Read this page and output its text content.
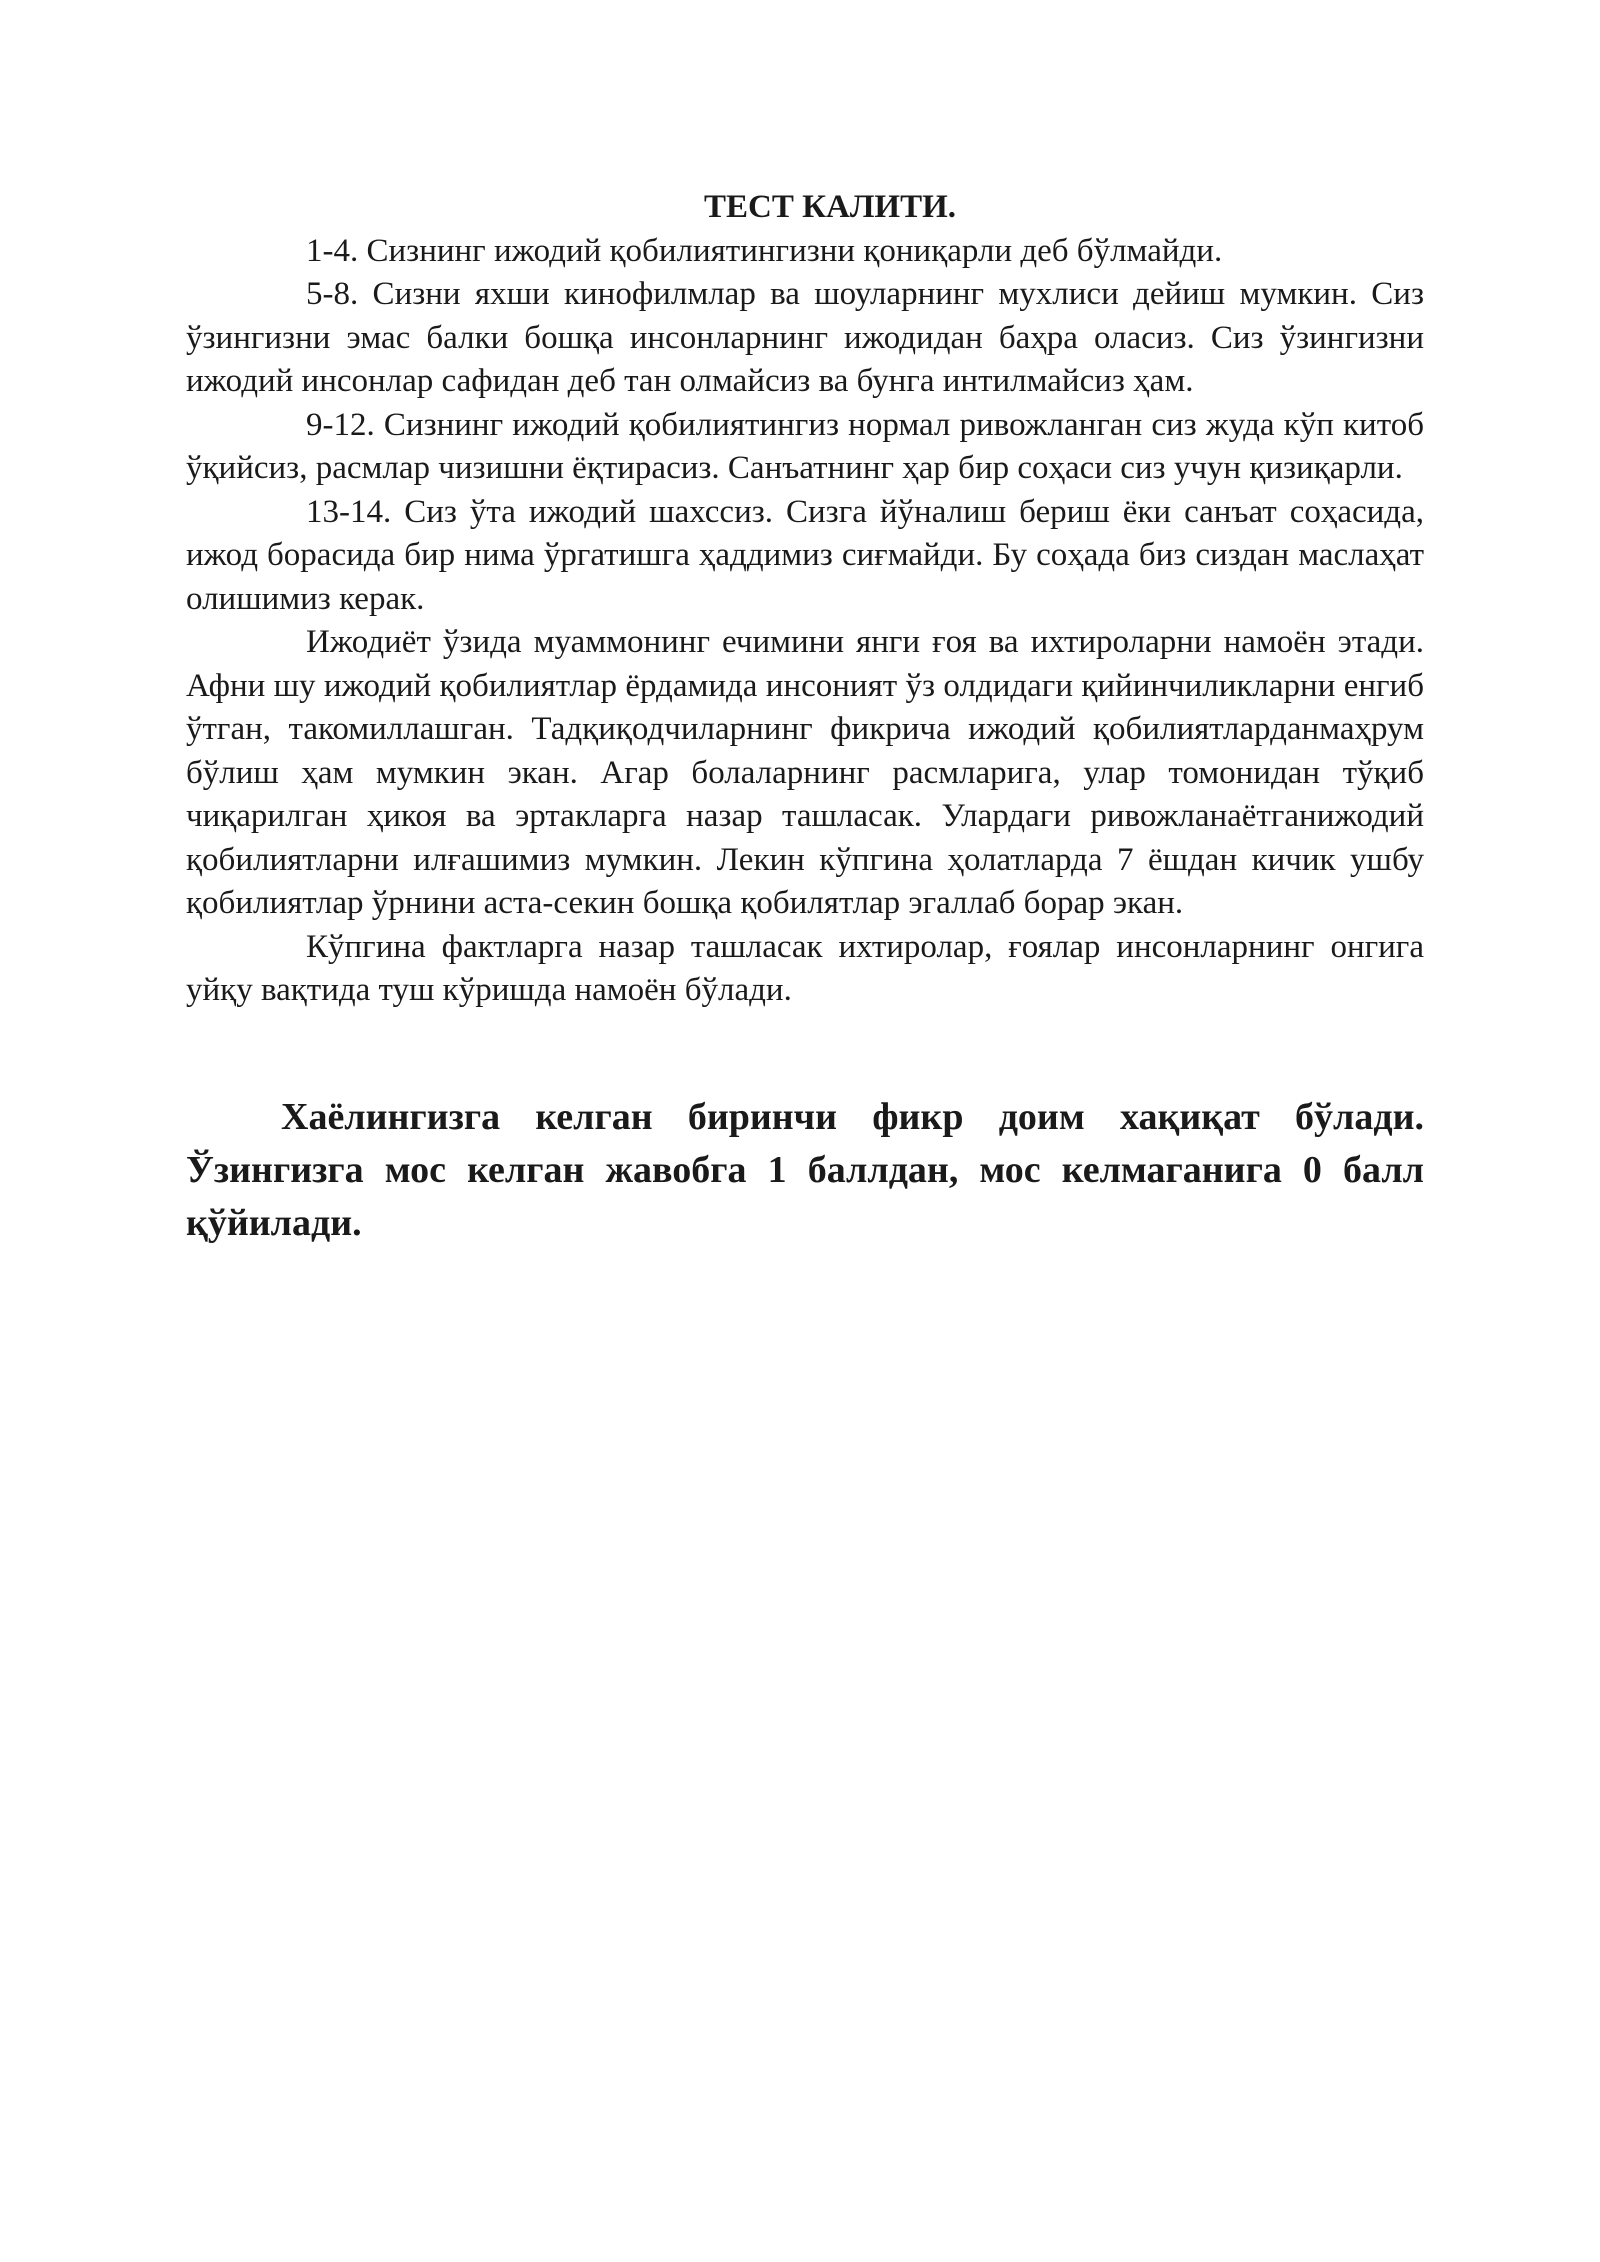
ТЕСТ КАЛИТИ.

1-4. Сизнинг ижодий қобилиятингизни қониқарли деб бўлмайди.

5-8. Сизни яхши кинофилмлар ва шоуларнинг мухлиси дейиш мумкин. Сиз ўзингизни эмас балки бошқа инсонларнинг ижодидан баҳра оласиз. Сиз ўзингизни ижодий инсонлар сафидан деб тан олмайсиз ва бунга интилмайсиз ҳам.

9-12. Сизнинг ижодий қобилиятингиз нормал ривожланган сиз жуда кўп китоб ўқийсиз, расмлар чизишни ёқтирасиз. Санъатнинг ҳар бир соҳаси сиз учун қизиқарли.

13-14. Сиз ўта ижодий шахссиз. Сизга йўналиш бериш ёки санъат соҳасида, ижод борасида бир нима ўргатишга ҳаддимиз сиғмайди. Бу соҳада биз сиздан маслаҳат олишимиз керак.

Ижодиёт ўзида муаммонинг ечимини янги ғоя ва ихтироларни намоён этади. Афни шу ижодий қобилиятлар ёрдамида инсоният ўз олдидаги қийинчиликларни енгиб ўтган, такомиллашган. Тадқиқодчиларнинг фикрича ижодий қобилиятларданмаҳрум бўлиш ҳам мумкин экан. Агар болаларнинг расмларига, улар томонидан тўқиб чиқарилган ҳикоя ва эртакларга назар ташласак. Улардаги ривожланаётганижодий қобилиятларни илғашимиз мумкин. Лекин кўпгина ҳолатларда 7 ёшдан кичик ушбу қобилиятлар ўрнини аста-секин бошқа қобилятлар эгаллаб борар экан.

Кўпгина фактларга назар ташласак ихтиролар, ғоялар инсонларнинг онгига уйқу вақтида туш кўришда намоён бўлади.

Хаёлингизга келган биринчи фикр доим хақиқат бўлади. Ўзингизга мос келган жавобга 1 баллдан, мос келмаганига 0 балл қўйилади.
